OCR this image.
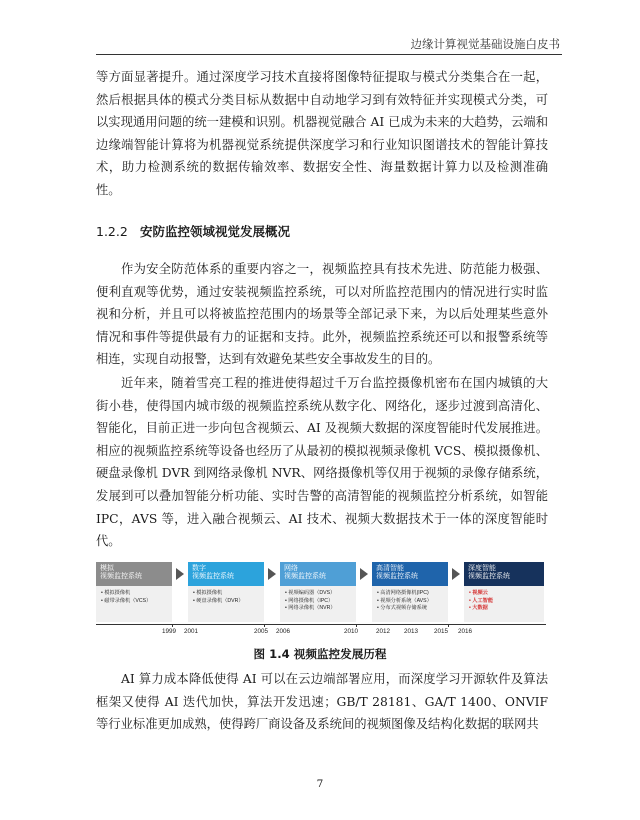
边缘计算视觉基础设施白皮书

等方面显著提升。通过深度学习技术直接将图像特征提取与模式分类集合在一起，然后根据具体的模式分类目标从数据中自动地学习到有效特征并实现模式分类，可以实现通用问题的统一建模和识别。机器视觉融合 AI 已成为未来的大趋势，云端和边缘端智能计算将为机器视觉系统提供深度学习和行业知识图谱技术的智能计算技术，助力检测系统的数据传输效率、数据安全性、海量数据计算力以及检测准确性。

1.2.2 安防监控领域视觉发展概况

作为安全防范体系的重要内容之一，视频监控具有技术先进、防范能力极强、便利直观等优势，通过安装视频监控系统，可以对所监控范围内的情况进行实时监视和分析，并且可以将被监控范围内的场景等全部记录下来，为以后处理某些意外情况和事件等提供最有力的证据和支持。此外，视频监控系统还可以和报警系统等相连，实现自动报警，达到有效避免某些安全事故发生的目的。

近年来，随着雪亮工程的推进使得超过千万台监控摄像机密布在国内城镇的大街小巷，使得国内城市级的视频监控系统从数字化、网络化，逐步过渡到高清化、智能化，目前正进一步向包含视频云、AI 及视频大数据的深度智能时代发展推进。相应的视频监控系统等设备也经历了从最初的模拟视频录像机 VCS、模拟摄像机、硬盘录像机 DVR 到网络录像机 NVR、网络摄像机等仅用于视频的录像存储系统，发展到可以叠加智能分析功能、实时告警的高清智能的视频监控分析系统，如智能 IPC，AVS 等，进入融合视频云、AI 技术、视频大数据技术于一体的深度智能时代。

模拟
视频监控系统
• 模拟摄像机
• 磁带录像机（VCS）
数字
视频监控系统
• 模拟摄像机
• 硬盘录像机（DVR）
网络
视频监控系统
• 视频编码器（DVS）
• 网络摄像机（IPC）
• 网络录像机（NVR）
高清智能
视频监控系统
• 高清网络摄像机(IPC)
• 视频分析系统（AVS）
• 分布式视频存储系统
深度智能
视频监控系统
• 视频云
• 人工智能
• 大数据
1999 2001	2005 2006	2010	2012 2013	2015 2016
图 1.4 视频监控发展历程

AI 算力成本降低使得 AI 可以在云边端部署应用，而深度学习开源软件及算法框架又使得 AI 迭代加快，算法开发迅速；GB/T 28181、GA/T 1400、ONVIF 等行业标准更加成熟，使得跨厂商设备及系统间的视频图像及结构化数据的联网共

7
